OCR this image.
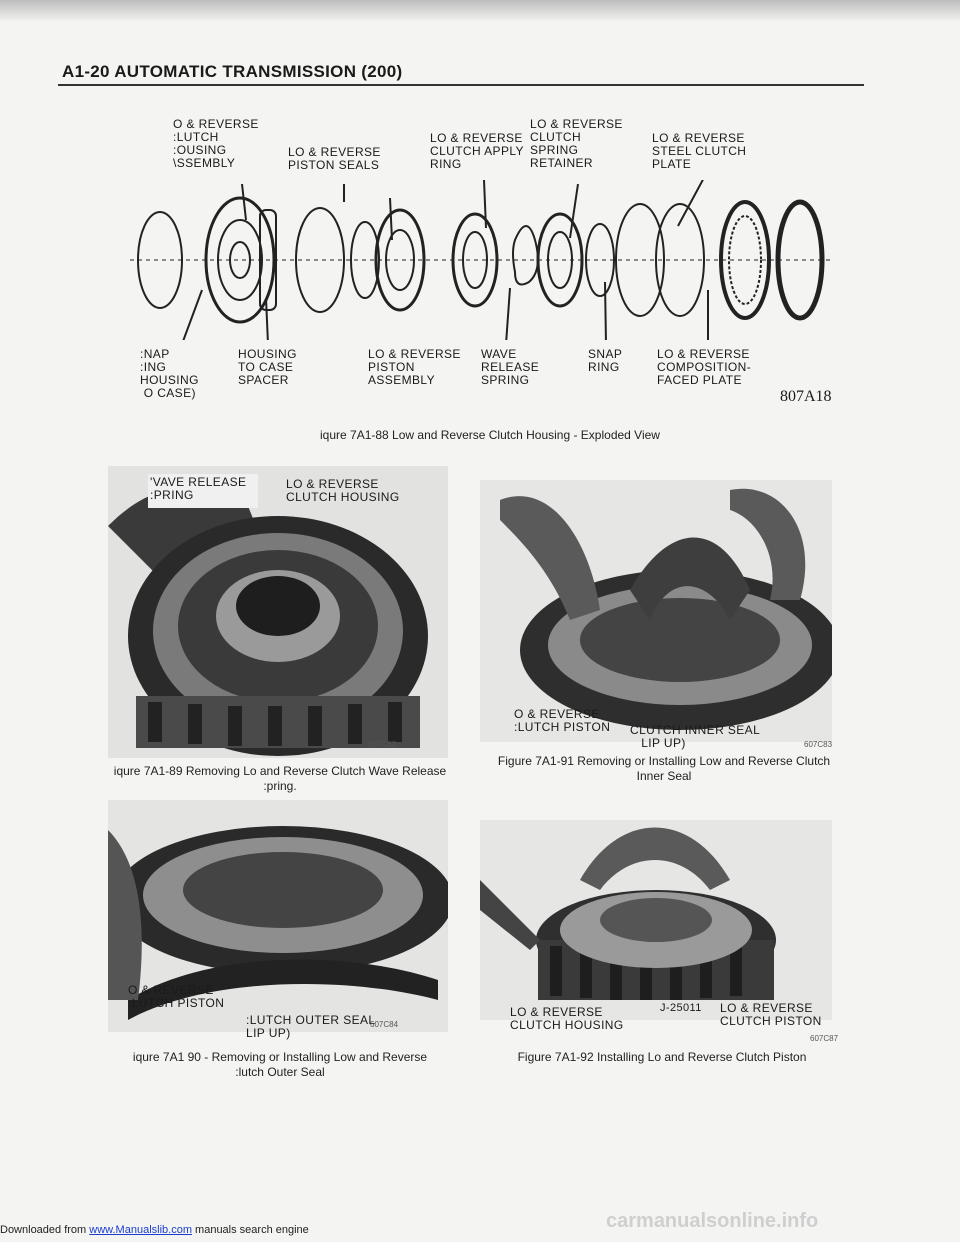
A1-20 AUTOMATIC TRANSMISSION (200)
O & REVERSE
:LUTCH
:OUSING
\SSEMBLY
LO & REVERSE
PISTON SEALS
LO & REVERSE
CLUTCH APPLY
RING
LO & REVERSE
CLUTCH
SPRING
RETAINER
LO & REVERSE
STEEL CLUTCH
PLATE
:NAP
:ING
HOUSING
O CASE)
HOUSING
TO CASE
SPACER
LO & REVERSE
PISTON
ASSEMBLY
WAVE
RELEASE
SPRING
SNAP
RING
LO & REVERSE
COMPOSITION-
FACED PLATE
807A18
iqure 7A1-88 Low and Reverse Clutch Housing - Exploded View
'VAVE RELEASE
:PRING
LO & REVERSE
CLUTCH HOUSING
607C82
iqure 7A1-89 Removing Lo and Reverse Clutch Wave Release
:pring.
O & REVERSE
:LUTCH PISTON CLUTCH INNER SEAL
LIP UP)	607C83
Figure 7A1-91 Removing or Installing Low and Reverse Clutch
Inner Seal
O & REVERSE
:LUTCH PISTON
:LUTCH OUTER SEAL
LIP UP)
607C84
iqure 7A1 90 - Removing or Installing Low and Reverse
:lutch Outer Seal
LO & REVERSE
CLUTCH HOUSING
J-25011 LO & REVERSE
CLUTCH PISTON
607C87
Figure 7A1-92 Installing Lo and Reverse Clutch Piston
carmanualsonline.info
Downloaded from www.Manualslib.com manuals search engine
